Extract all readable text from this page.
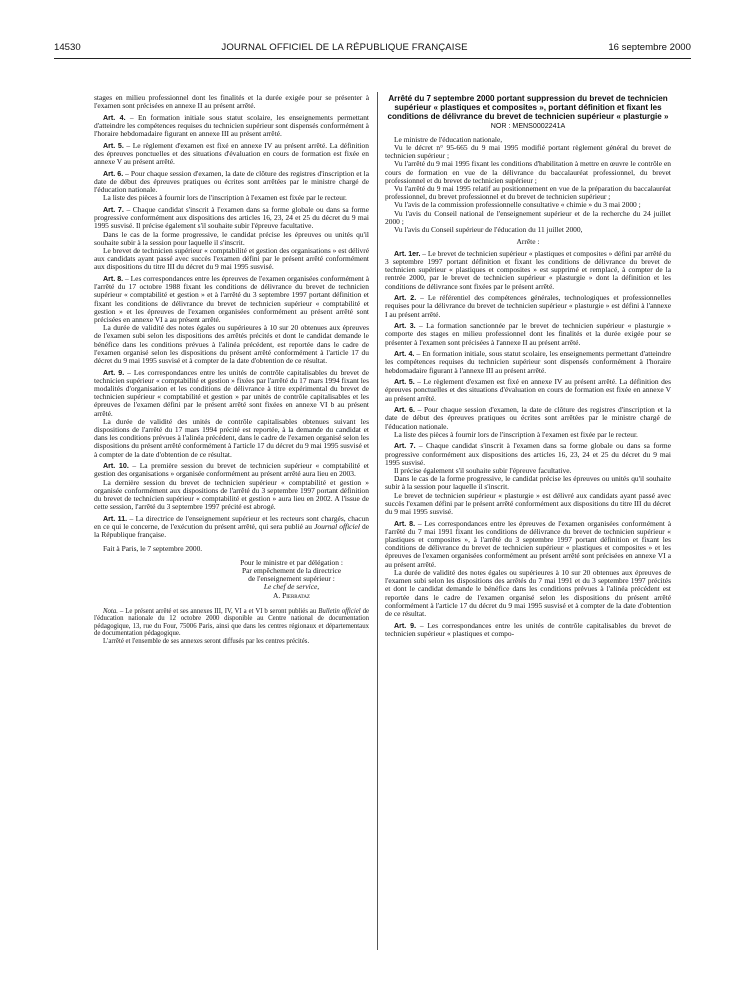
14530	JOURNAL OFFICIEL DE LA RÉPUBLIQUE FRANÇAISE	16 septembre 2000

stages en milieu professionnel dont les finalités et la durée exigée pour se présenter à l'examen sont précisées en annexe II au présent arrêté.

Art. 4. – En formation initiale sous statut scolaire, les enseignements permettant d'atteindre les compétences requises du technicien supérieur sont dispensés conformément à l'horaire hebdomadaire figurant en annexe III au présent arrêté.

Art. 5. – Le règlement d'examen est fixé en annexe IV au présent arrêté. La définition des épreuves ponctuelles et des situations d'évaluation en cours de formation est fixée en annexe V au présent arrêté.

Art. 6. – Pour chaque session d'examen, la date de clôture des registres d'inscription et la date de début des épreuves pratiques ou écrites sont arrêtées par le ministre chargé de l'éducation nationale.

La liste des pièces à fournir lors de l'inscription à l'examen est fixée par le recteur.

Art. 7. – Chaque candidat s'inscrit à l'examen dans sa forme globale ou dans sa forme progressive conformément aux dispositions des articles 16, 23, 24 et 25 du décret du 9 mai 1995 susvisé. Il précise également s'il souhaite subir l'épreuve facultative.

Dans le cas de la forme progressive, le candidat précise les épreuves ou unités qu'il souhaite subir à la session pour laquelle il s'inscrit.

Le brevet de technicien supérieur « comptabilité et gestion des organisations » est délivré aux candidats ayant passé avec succès l'examen défini par le présent arrêté conformément aux dispositions du titre III du décret du 9 mai 1995 susvisé.

Art. 8. – Les correspondances entre les épreuves de l'examen organisées conformément à l'arrêté du 17 octobre 1988 fixant les conditions de délivrance du brevet de technicien supérieur « comptabilité et gestion » et à l'arrêté du 3 septembre 1997 portant définition et fixant les conditions de délivrance du brevet de technicien supérieur « comptabilité et gestion » et les épreuves de l'examen organisées conformément au présent arrêté sont précisées en annexe VI a au présent arrêté.

La durée de validité des notes égales ou supérieures à 10 sur 20 obtenues aux épreuves de l'examen subi selon les dispositions des arrêtés précités et dont le candidat demande le bénéfice dans les conditions prévues à l'alinéa précédent, est reportée dans le cadre de l'examen organisé selon les dispositions du présent arrêté conformément à l'article 17 du décret du 9 mai 1995 susvisé et à compter de la date d'obtention de ce résultat.

Art. 9. – Les correspondances entre les unités de contrôle capitalisables du brevet de technicien supérieur « comptabilité et gestion » fixées par l'arrêté du 17 mars 1994 fixant les modalités d'organisation et les conditions de délivrance à titre expérimental du brevet de technicien supérieur « comptabilité et gestion » par unités de contrôle capitalisables et les épreuves de l'examen défini par le présent arrêté sont fixées en annexe VI b au présent arrêté.

La durée de validité des unités de contrôle capitalisables obtenues suivant les dispositions de l'arrêté du 17 mars 1994 précité est reportée, à la demande du candidat et dans les conditions prévues à l'alinéa précédent, dans le cadre de l'examen organisé selon les dispositions du présent arrêté conformément à l'article 17 du décret du 9 mai 1995 susvisé et à compter de la date d'obtention de ce résultat.

Art. 10. – La première session du brevet de technicien supérieur « comptabilité et gestion des organisations » organisée conformément au présent arrêté aura lieu en 2003.

La dernière session du brevet de technicien supérieur « comptabilité et gestion » organisée conformément aux dispositions de l'arrêté du 3 septembre 1997 portant définition du brevet de technicien supérieur « comptabilité et gestion » aura lieu en 2002. A l'issue de cette session, l'arrêté du 3 septembre 1997 précité est abrogé.

Art. 11. – La directrice de l'enseignement supérieur et les recteurs sont chargés, chacun en ce qui le concerne, de l'exécution du présent arrêté, qui sera publié au Journal officiel de la République française.

Fait à Paris, le 7 septembre 2000.

Pour le ministre et par délégation :

Par empêchement de la directrice

de l'enseignement supérieur :

Le chef de service,

A. Pierrataz

Nota. – Le présent arrêté et ses annexes III, IV, VI a et VI b seront publiés au Bulletin officiel de l'éducation nationale du 12 octobre 2000 disponible au Centre national de documentation pédagogique, 13, rue du Four, 75006 Paris, ainsi que dans les centres régionaux et départementaux de documentation pédagogique.

L'arrêté et l'ensemble de ses annexes seront diffusés par les centres précités.

Arrêté du 7 septembre 2000 portant suppression du brevet de technicien supérieur « plastiques et composites », portant définition et fixant les conditions de délivrance du brevet de technicien supérieur « plasturgie »

NOR : MENS0002241A

Le ministre de l'éducation nationale,

Vu le décret n° 95-665 du 9 mai 1995 modifié portant règlement général du brevet de technicien supérieur ;

Vu l'arrêté du 9 mai 1995 fixant les conditions d'habilitation à mettre en œuvre le contrôle en cours de formation en vue de la délivrance du baccalauréat professionnel, du brevet professionnel et du brevet de technicien supérieur ;

Vu l'arrêté du 9 mai 1995 relatif au positionnement en vue de la préparation du baccalauréat professionnel, du brevet professionnel et du brevet de technicien supérieur ;

Vu l'avis de la commission professionnelle consultative « chimie » du 3 mai 2000 ;

Vu l'avis du Conseil national de l'enseignement supérieur et de la recherche du 24 juillet 2000 ;

Vu l'avis du Conseil supérieur de l'éducation du 11 juillet 2000,

Arrête :

Art. 1er. – Le brevet de technicien supérieur « plastiques et composites » défini par arrêté du 3 septembre 1997 portant définition et fixant les conditions de délivrance du brevet de technicien supérieur « plastiques et composites » est supprimé et remplacé, à compter de la rentrée 2000, par le brevet de technicien supérieur « plasturgie » dont la définition et les conditions de délivrance sont fixées par le présent arrêté.

Art. 2. – Le référentiel des compétences générales, technologiques et professionnelles requises pour la délivrance du brevet de technicien supérieur « plasturgie » est défini à l'annexe I au présent arrêté.

Art. 3. – La formation sanctionnée par le brevet de technicien supérieur « plasturgie » comporte des stages en milieu professionnel dont les finalités et la durée exigée pour se présenter à l'examen sont précisées à l'annexe II au présent arrêté.

Art. 4. – En formation initiale, sous statut scolaire, les enseignements permettant d'atteindre les compétences requises du technicien supérieur sont dispensés conformément à l'horaire hebdomadaire figurant à l'annexe III au présent arrêté.

Art. 5. – Le règlement d'examen est fixé en annexe IV au présent arrêté. La définition des épreuves ponctuelles et des situations d'évaluation en cours de formation est fixée en annexe V au présent arrêté.

Art. 6. – Pour chaque session d'examen, la date de clôture des registres d'inscription et la date de début des épreuves pratiques ou écrites sont arrêtées par le ministre chargé de l'éducation nationale.

La liste des pièces à fournir lors de l'inscription à l'examen est fixée par le recteur.

Art. 7. – Chaque candidat s'inscrit à l'examen dans sa forme globale ou dans sa forme progressive conformément aux dispositions des articles 16, 23, 24 et 25 du décret du 9 mai 1995 susvisé.

Il précise également s'il souhaite subir l'épreuve facultative.

Dans le cas de la forme progressive, le candidat précise les épreuves ou unités qu'il souhaite subir à la session pour laquelle il s'inscrit.

Le brevet de technicien supérieur « plasturgie » est délivré aux candidats ayant passé avec succès l'examen défini par le présent arrêté conformément aux dispositions du titre III du décret du 9 mai 1995 susvisé.

Art. 8. – Les correspondances entre les épreuves de l'examen organisées conformément à l'arrêté du 7 mai 1991 fixant les conditions de délivrance du brevet de technicien supérieur « plastiques et composites », à l'arrêté du 3 septembre 1997 portant définition et fixant les conditions de délivrance du brevet de technicien supérieur « plastiques et composites » et les épreuves de l'examen organisées conformément au présent arrêté sont précisées en annexe VI a au présent arrêté.

La durée de validité des notes égales ou supérieures à 10 sur 20 obtenues aux épreuves de l'examen subi selon les dispositions des arrêtés du 7 mai 1991 et du 3 septembre 1997 précités et dont le candidat demande le bénéfice dans les conditions prévues à l'alinéa précédent est reportée dans le cadre de l'examen organisé selon les dispositions du présent arrêté conformément à l'article 17 du décret du 9 mai 1995 susvisé et à compter de la date d'obtention de ce résultat.

Art. 9. – Les correspondances entre les unités de contrôle capitalisables du brevet de technicien supérieur « plastiques et compo-
